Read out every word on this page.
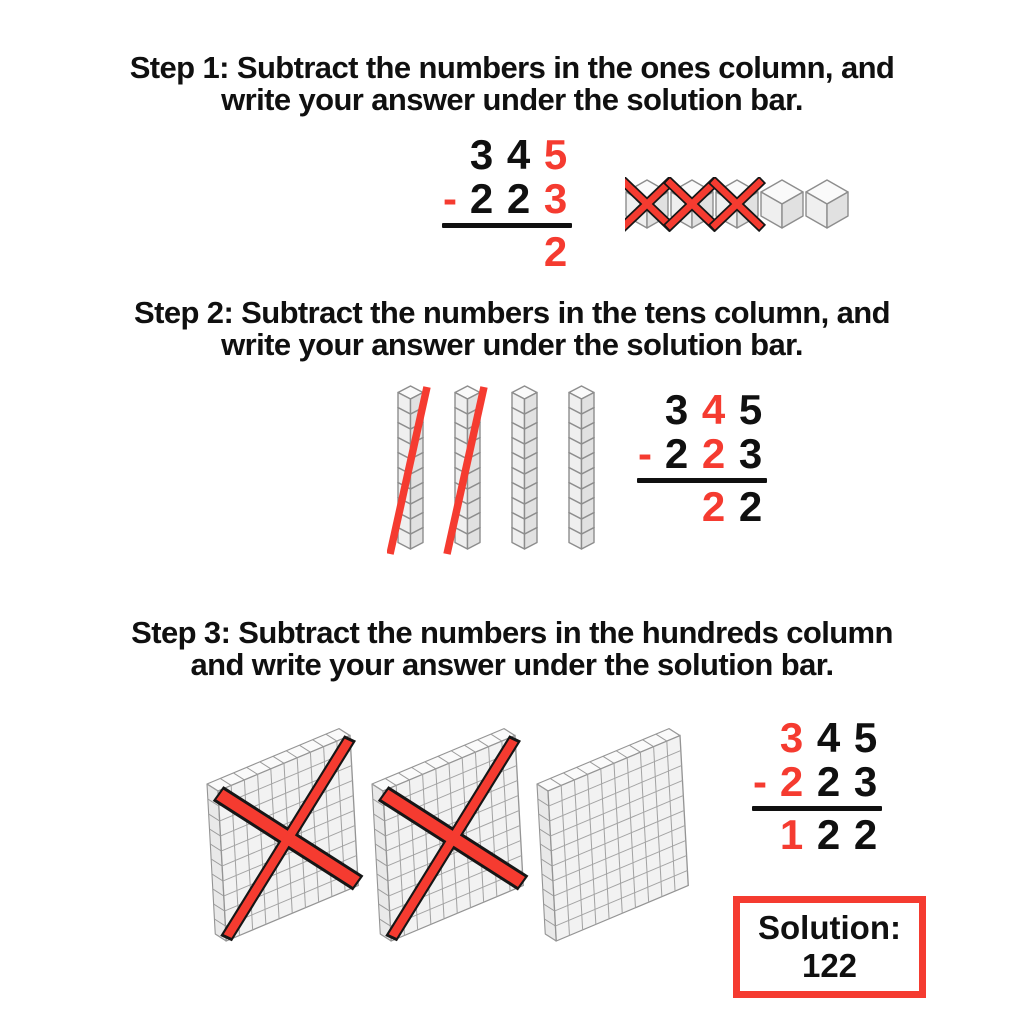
Step 1: Subtract the numbers in the ones column, and
write your answer under the solution bar.
3 4 5
- 2 2 3
2
Step 2: Subtract the numbers in the tens column, and
write your answer under the solution bar.
3 4 5
- 2 2 3
2 2
Step 3: Subtract the numbers in the hundreds column
and write your answer under the solution bar.
3 4 5
- 2 2 3
1 2 2
Solution:
122
